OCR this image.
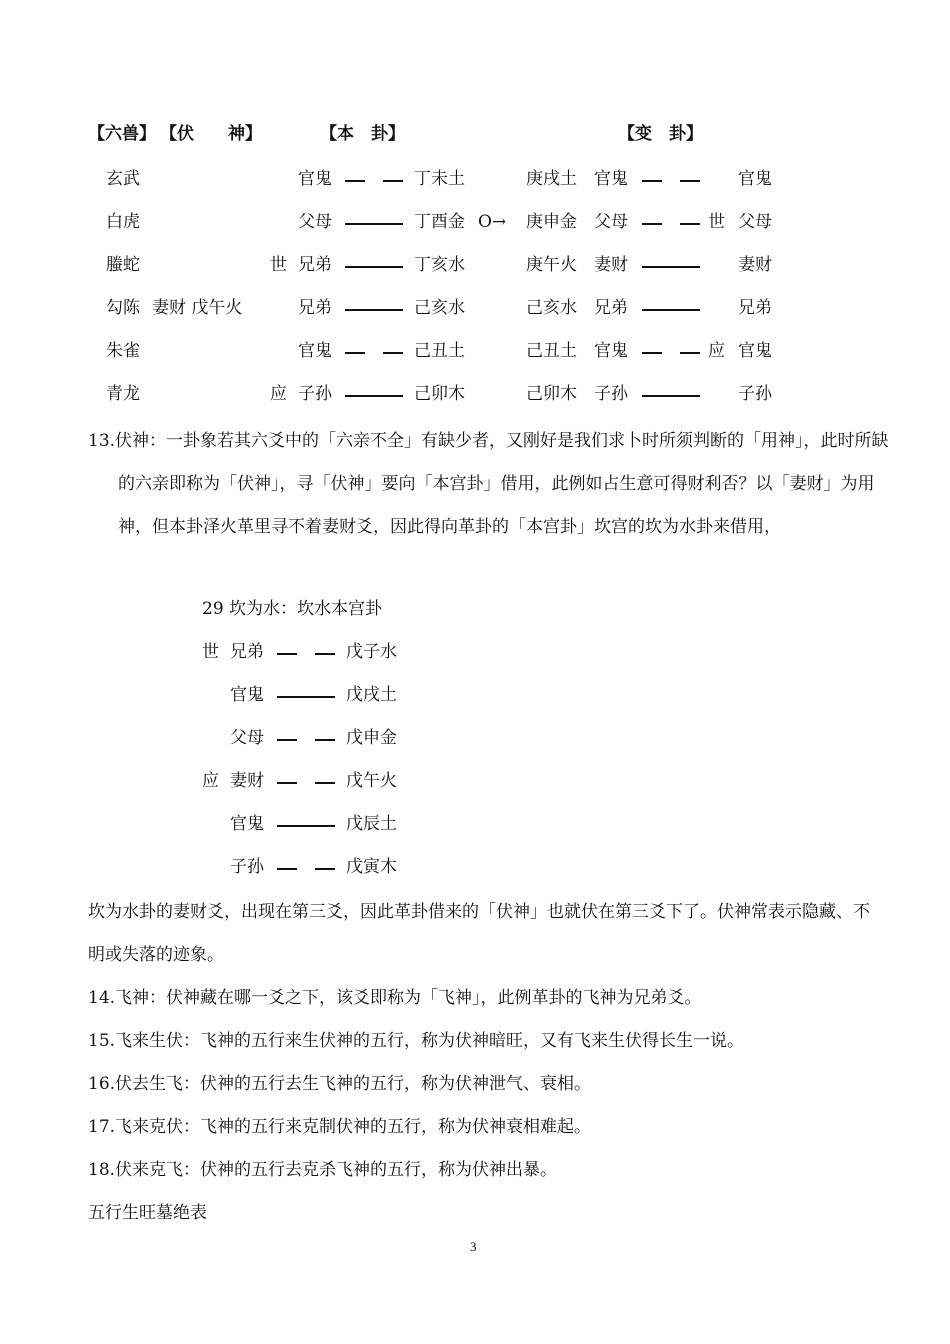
【六兽】 【伏　　神】	【本　卦】	【变　卦】
玄武	官鬼	丁未土	庚戌土 官鬼	官鬼
白虎	父母	丁酉金 O→ 庚申金 父母	世 父母
螣蛇	世 兄弟	丁亥水	庚午火 妻财	妻财
勾陈 妻财 戊午火	兄弟	己亥水	己亥水 兄弟	兄弟
朱雀	官鬼	己丑土	己丑土 官鬼	应 官鬼
青龙	应 子孙	己卯木	己卯木 子孙	子孙
13.伏神：一卦象若其六爻中的「六亲不全」有缺少者，又刚好是我们求卜时所须判断的「用神」，此时所缺的六亲即称为「伏神」，寻「伏神」要向「本宫卦」借用，此例如占生意可得财利否？以「妻财」为用神，但本卦泽火革里寻不着妻财爻，因此得向革卦的「本宫卦」坎宫的坎为水卦来借用，
29 坎为水：坎水本宫卦
世 兄弟	戊子水
官鬼	戊戌土
父母	戊申金
应 妻财	戊午火
官鬼	戊辰土
子孙	戊寅木
坎为水卦的妻财爻，出现在第三爻，因此革卦借来的「伏神」也就伏在第三爻下了。伏神常表示隐藏、不明或失落的迹象。
14.飞神：伏神藏在哪一爻之下，该爻即称为「飞神」，此例革卦的飞神为兄弟爻。
15.飞来生伏：飞神的五行来生伏神的五行，称为伏神暗旺，又有飞来生伏得长生一说。
16.伏去生飞：伏神的五行去生飞神的五行，称为伏神泄气、衰相。
17.飞来克伏：飞神的五行来克制伏神的五行，称为伏神衰相难起。
18.伏来克飞：伏神的五行去克杀飞神的五行，称为伏神出暴。
五行生旺墓绝表
3
